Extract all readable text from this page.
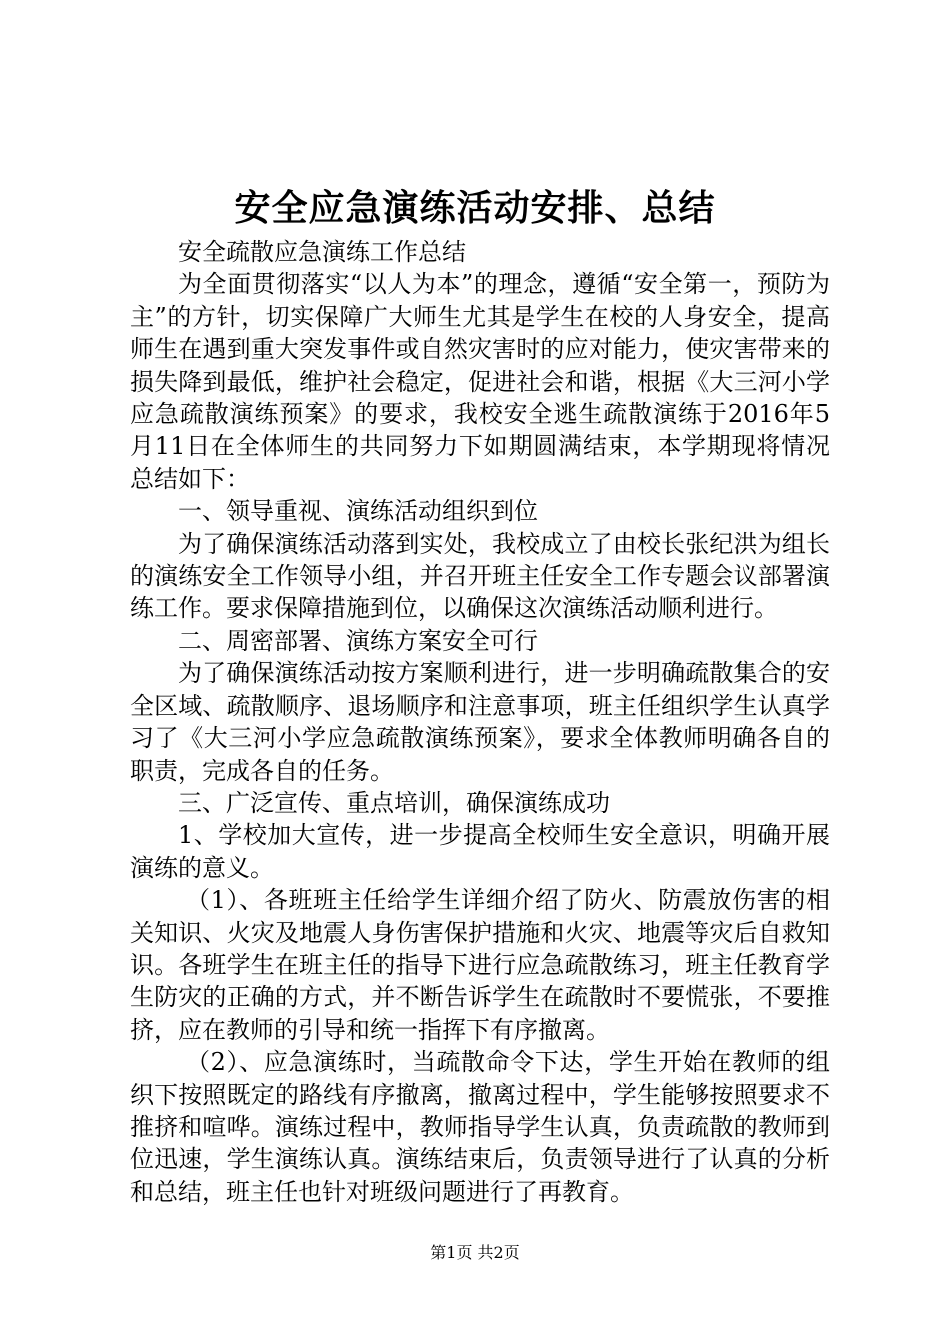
安全应急演练活动安排、总结

安全疏散应急演练工作总结

为全面贯彻落实“以人为本”的理念，遵循“安全第一，预防为主”的方针，切实保障广大师生尤其是学生在校的人身安全，提高师生在遇到重大突发事件或自然灾害时的应对能力，使灾害带来的损失降到最低，维护社会稳定，促进社会和谐，根据《大三河小学应急疏散演练预案》的要求，我校安全逃生疏散演练于2016年5月11日在全体师生的共同努力下如期圆满结束，本学期现将情况总结如下：

一、领导重视、演练活动组织到位

为了确保演练活动落到实处，我校成立了由校长张纪洪为组长的演练安全工作领导小组，并召开班主任安全工作专题会议部署演练工作。要求保障措施到位，以确保这次演练活动顺利进行。

二、周密部署、演练方案安全可行

为了确保演练活动按方案顺利进行，进一步明确疏散集合的安全区域、疏散顺序、退场顺序和注意事项，班主任组织学生认真学习了《大三河小学应急疏散演练预案》，要求全体教师明确各自的职责，完成各自的任务。

三、广泛宣传、重点培训，确保演练成功

1、学校加大宣传，进一步提高全校师生安全意识，明确开展演练的意义。

（1）、各班班主任给学生详细介绍了防火、防震放伤害的相关知识、火灾及地震人身伤害保护措施和火灾、地震等灾后自救知识。各班学生在班主任的指导下进行应急疏散练习，班主任教育学生防灾的正确的方式，并不断告诉学生在疏散时不要慌张，不要推挤，应在教师的引导和统一指挥下有序撤离。

（2）、应急演练时，当疏散命令下达，学生开始在教师的组织下按照既定的路线有序撤离，撤离过程中，学生能够按照要求不推挤和喧哗。演练过程中，教师指导学生认真，负责疏散的教师到位迅速，学生演练认真。演练结束后，负责领导进行了认真的分析和总结，班主任也针对班级问题进行了再教育。

第1页 共2页
